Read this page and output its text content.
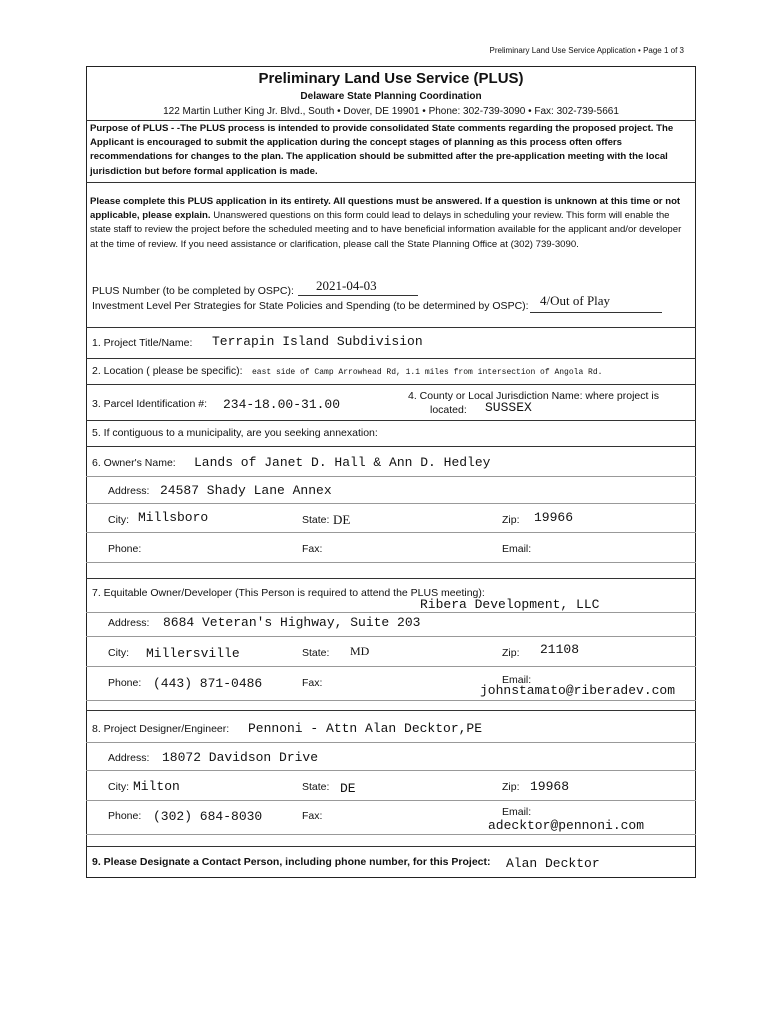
Preliminary Land Use Service Application • Page 1 of 3
Preliminary Land Use Service (PLUS)
Delaware State Planning Coordination
122 Martin Luther King Jr. Blvd., South • Dover, DE 19901 • Phone: 302-739-3090 • Fax: 302-739-5661
Purpose of PLUS - -The PLUS process is intended to provide consolidated State comments regarding the proposed project. The Applicant is encouraged to submit the application during the concept stages of planning as this process often offers recommendations for changes to the plan. The application should be submitted after the pre-application meeting with the local jurisdiction but before formal application is made.
Please complete this PLUS application in its entirety. All questions must be answered. If a question is unknown at this time or not applicable, please explain. Unanswered questions on this form could lead to delays in scheduling your review. This form will enable the state staff to review the project before the scheduled meeting and to have beneficial information available for the applicant and/or developer at the time of review. If you need assistance or clarification, please call the State Planning Office at (302) 739-3090.
PLUS Number (to be completed by OSPC): 2021-04-03
Investment Level Per Strategies for State Policies and Spending (to be determined by OSPC): 4/Out of Play
1. Project Title/Name: Terrapin Island Subdivision
2. Location ( please be specific): east side of Camp Arrowhead Rd, 1.1 miles from intersection of Angola Rd.
3. Parcel Identification #: 234-18.00-31.00
4. County or Local Jurisdiction Name: where project is
located: SUSSEX
5. If contiguous to a municipality, are you seeking annexation:
6. Owner's Name: Lands of Janet D. Hall & Ann D. Hedley
Address: 24587 Shady Lane Annex
City: Millsboro	State: DE	Zip: 19966
Phone:	Fax:	Email:
7. Equitable Owner/Developer (This Person is required to attend the PLUS meeting):
Ribera Development, LLC
Address: 8684 Veteran's Highway, Suite 203
City: Millersville	State: MD	Zip: 21108
Phone: (443) 871-0486	Fax:	Email:
johnstamato@riberadev.com
8. Project Designer/Engineer: Pennoni - Attn Alan Decktor,PE
Address: 18072 Davidson Drive
City: Milton	State: DE	Zip: 19968
Phone: (302) 684-8030	Fax:	Email:
adecktor@pennoni.com
9. Please Designate a Contact Person, including phone number, for this Project: Alan Decktor
